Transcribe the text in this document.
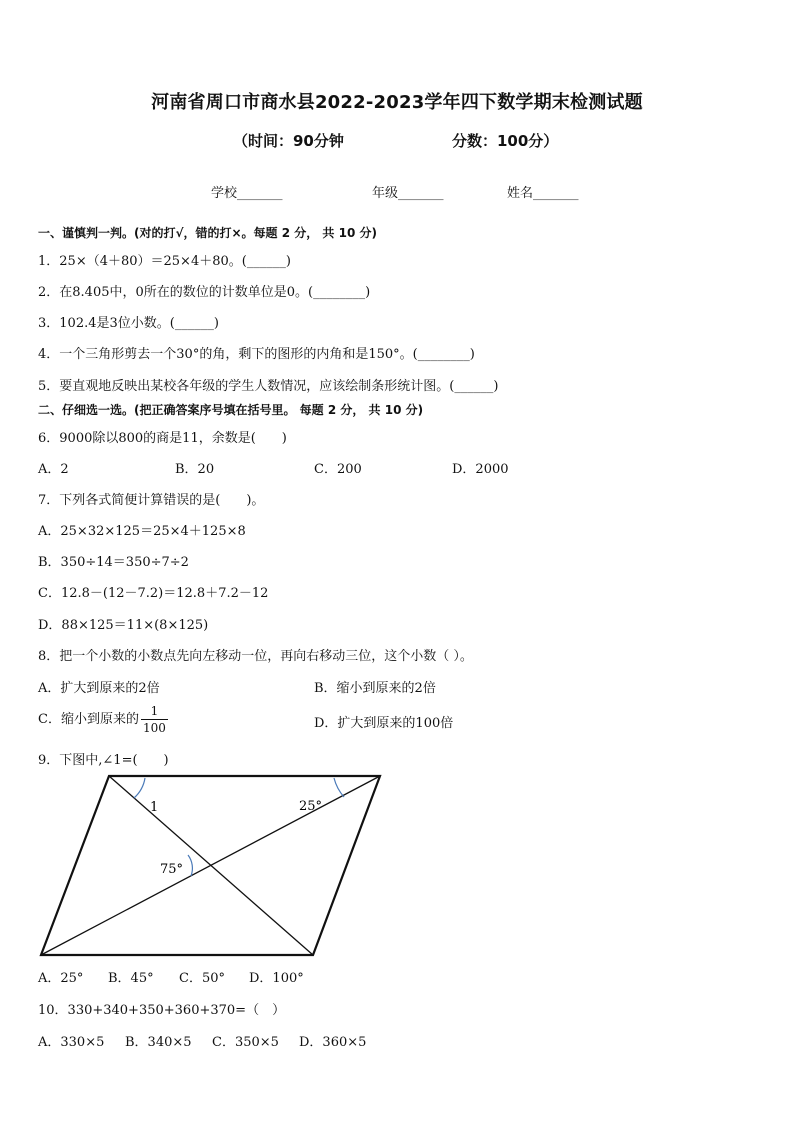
河南省周口市商水县2022-2023学年四下数学期末检测试题
（时间：90分钟	分数：100分）
学校_______	年级_______	姓名_______
一、谨慎判一判。(对的打√，错的打×。每题 2 分， 共 10 分)
1．25×（4＋80）＝25×4＋80。(______)
2．在8.405中，0所在的数位的计数单位是0。(________)
3．102.4是3位小数。(______)
4．一个三角形剪去一个30°的角，剩下的图形的内角和是150°。(________)
5．要直观地反映出某校各年级的学生人数情况，应该绘制条形统计图。(______)
二、仔细选一选。(把正确答案序号填在括号里。 每题 2 分， 共 10 分)
6．9000除以800的商是11，余数是(　　)
A．2	B．20	C．200	D．2000
7．下列各式简便计算错误的是(　　)。
A．25×32×125＝25×4＋125×8
B．350÷14＝350÷7÷2
C．12.8－(12－7.2)＝12.8＋7.2－12
D．88×125＝11×(8×125)
8．把一个小数的小数点先向左移动一位，再向右移动三位，这个小数（ ）。
A．扩大到原来的2倍	B．缩小到原来的2倍
C．缩小到原来的 $\frac{1}{100}$	D．扩大到原来的100倍
9．下图中,∠1=(　　)
1	25°
75°
A．25° B．45° C．50° D．100°
10．330+340+350+360+370=（　）
A．330×5 B．340×5 C．350×5 D．360×5
